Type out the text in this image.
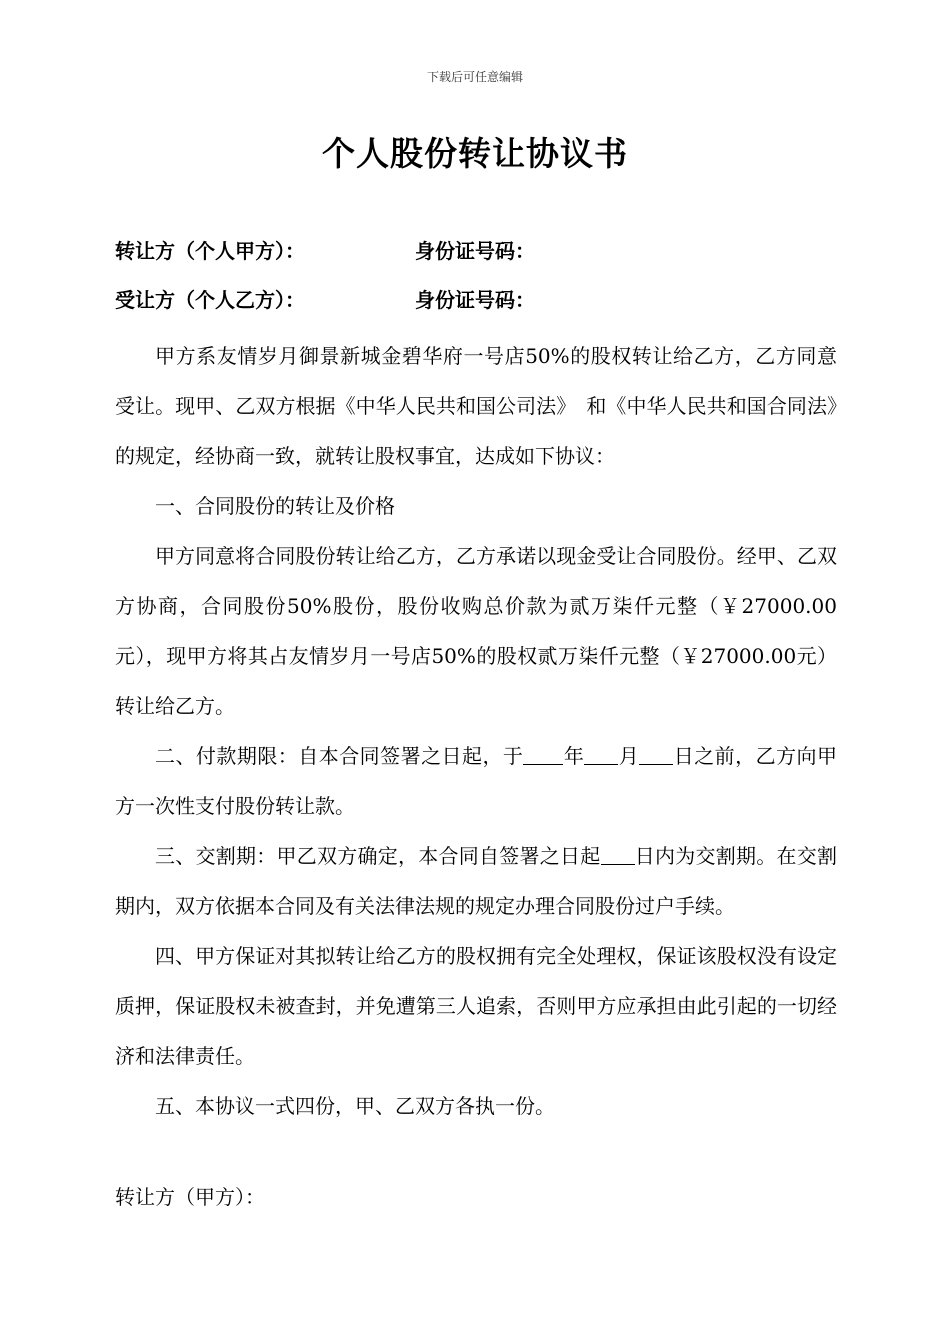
下载后可任意编辑
个人股份转让协议书
转让方（个人甲方）：	身份证号码：
受让方（个人乙方）：	身份证号码：

甲方系友情岁月御景新城金碧华府一号店50%的股权转让给乙方，乙方同意受让。现甲、乙双方根据《中华人民共和国公司法》　和《中华人民共和国合同法》的规定，经协商一致，就转让股权事宜，达成如下协议：

一、合同股份的转让及价格

甲方同意将合同股份转让给乙方，乙方承诺以现金受让合同股份。经甲、乙双方协商，合同股份50%股份，股份收购总价款为贰万柒仟元整（￥27000.00元），现甲方将其占友情岁月一号店50%的股权贰万柒仟元整（￥27000.00元）转让给乙方。

二、付款期限：自本合同签署之日起，于 年 月 日之前，乙方向甲方一次性支付股份转让款。

三、交割期：甲乙双方确定，本合同自签署之日起 日内为交割期。在交割期内，双方依据本合同及有关法律法规的规定办理合同股份过户手续。

四、甲方保证对其拟转让给乙方的股权拥有完全处理权，保证该股权没有设定质押，保证股权未被查封，并免遭第三人追索，否则甲方应承担由此引起的一切经济和法律责任。

五、本协议一式四份，甲、乙双方各执一份。

转让方（甲方）：
